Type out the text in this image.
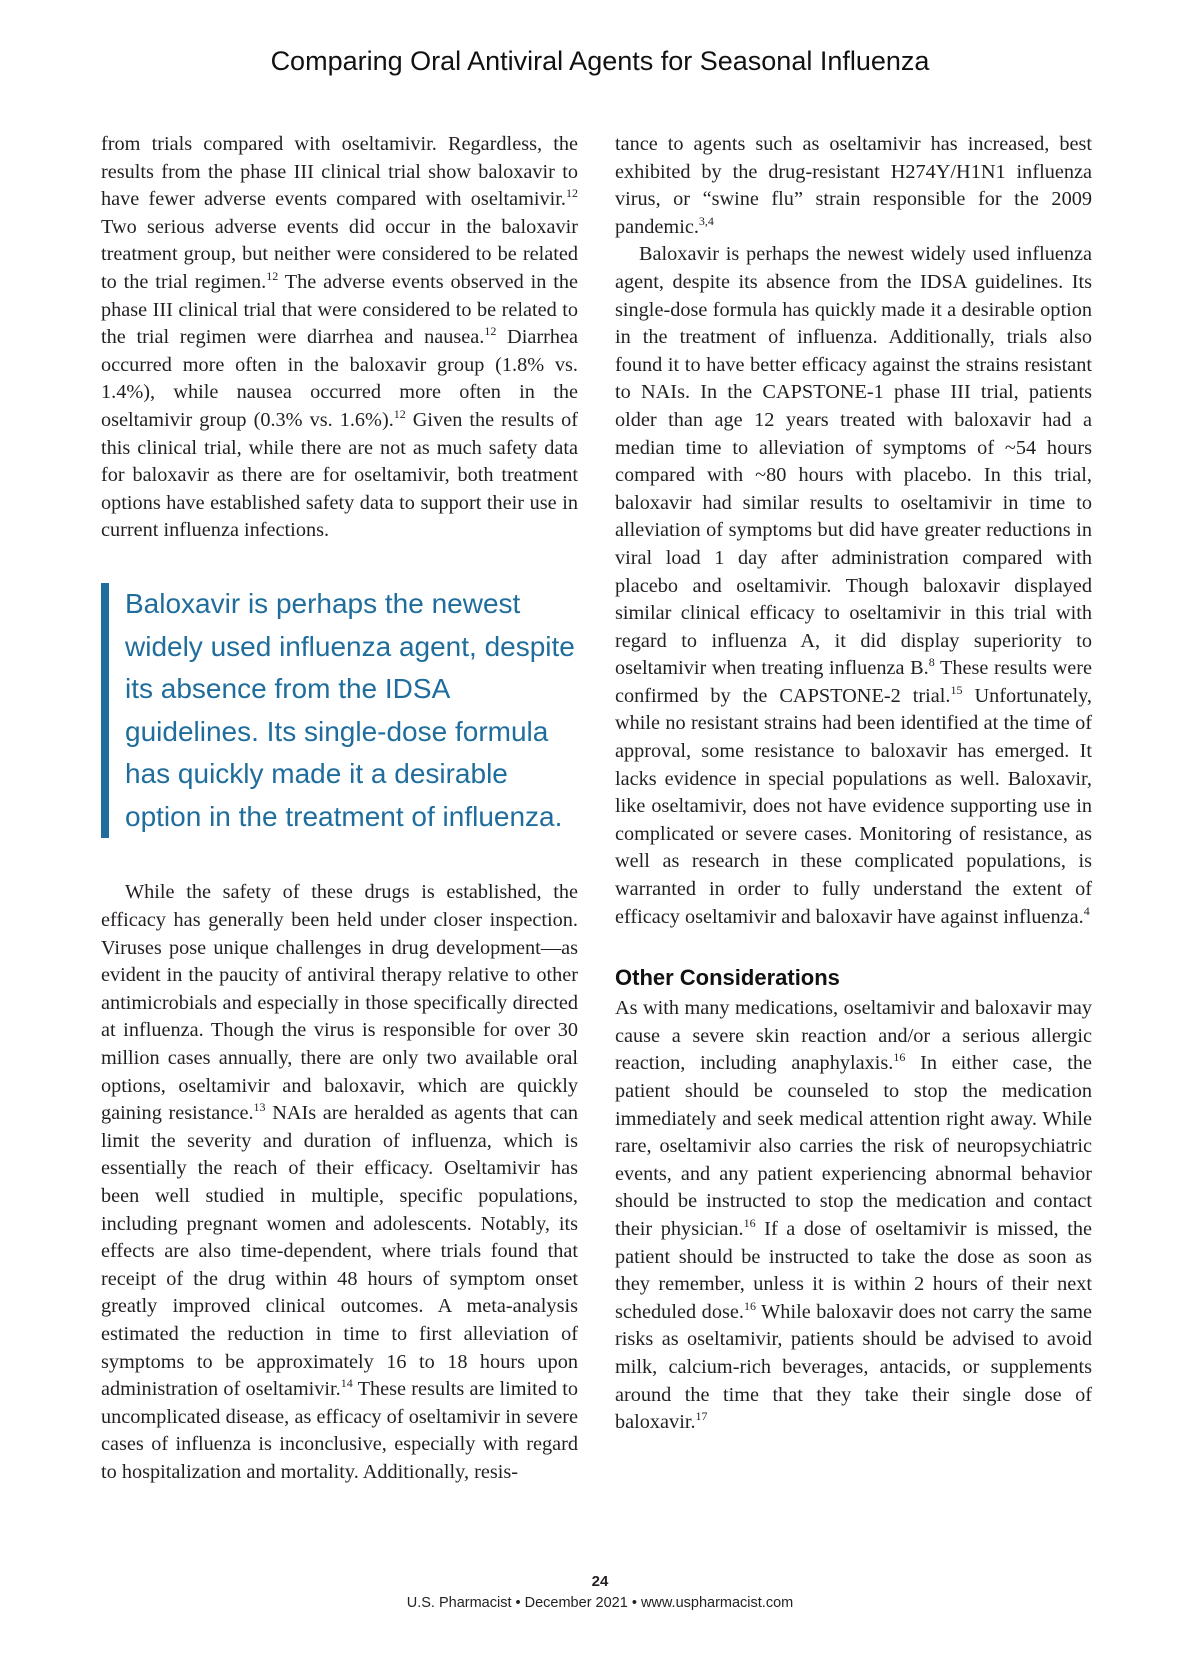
Comparing Oral Antiviral Agents for Seasonal Influenza

from trials compared with oseltamivir. Regardless, the results from the phase III clinical trial show baloxavir to have fewer adverse events compared with oseltamivir.$^{12}$ Two serious adverse events did occur in the baloxavir treatment group, but neither were considered to be related to the trial regimen.$^{12}$ The adverse events observed in the phase III clinical trial that were considered to be related to the trial regimen were diarrhea and nausea.$^{12}$ Diarrhea occurred more often in the baloxavir group (1.8% vs. 1.4%), while nausea occurred more often in the oseltamivir group (0.3% vs. 1.6%).$^{12}$ Given the results of this clinical trial, while there are not as much safety data for baloxavir as there are for oseltamivir, both treatment options have established safety data to support their use in current influenza infections.

Baloxavir is perhaps the newest widely used influenza agent, despite its absence from the IDSA guidelines. Its single-dose formula has quickly made it a desirable option in the treatment of influenza.

While the safety of these drugs is established, the efficacy has generally been held under closer inspection. Viruses pose unique challenges in drug development—as evident in the paucity of antiviral therapy relative to other antimicrobials and especially in those specifically directed at influenza. Though the virus is responsible for over 30 million cases annually, there are only two available oral options, oseltamivir and baloxavir, which are quickly gaining resistance.$^{13}$ NAIs are heralded as agents that can limit the severity and duration of influenza, which is essentially the reach of their efficacy. Oseltamivir has been well studied in multiple, specific populations, including pregnant women and adolescents. Notably, its effects are also time-dependent, where trials found that receipt of the drug within 48 hours of symptom onset greatly improved clinical outcomes. A meta-analysis estimated the reduction in time to first alleviation of symptoms to be approximately 16 to 18 hours upon administration of oseltamivir.$^{14}$ These results are limited to uncomplicated disease, as efficacy of oseltamivir in severe cases of influenza is inconclusive, especially with regard to hospitalization and mortality. Additionally, resis-

tance to agents such as oseltamivir has increased, best exhibited by the drug-resistant H274Y/H1N1 influenza virus, or “swine flu” strain responsible for the 2009 pandemic.$^{3,4}$

Baloxavir is perhaps the newest widely used influenza agent, despite its absence from the IDSA guidelines. Its single-dose formula has quickly made it a desirable option in the treatment of influenza. Additionally, trials also found it to have better efficacy against the strains resistant to NAIs. In the CAPSTONE-1 phase III trial, patients older than age 12 years treated with baloxavir had a median time to alleviation of symptoms of ~54 hours compared with ~80 hours with placebo. In this trial, baloxavir had similar results to oseltamivir in time to alleviation of symptoms but did have greater reductions in viral load 1 day after administration compared with placebo and oseltamivir. Though baloxavir displayed similar clinical efficacy to oseltamivir in this trial with regard to influenza A, it did display superiority to oseltamivir when treating influenza B.$^8$ These results were confirmed by the CAPSTONE-2 trial.$^{15}$ Unfortunately, while no resistant strains had been identified at the time of approval, some resistance to baloxavir has emerged. It lacks evidence in special populations as well. Baloxavir, like oseltamivir, does not have evidence supporting use in complicated or severe cases. Monitoring of resistance, as well as research in these complicated populations, is warranted in order to fully understand the extent of efficacy oseltamivir and baloxavir have against influenza.$^4$

Other Considerations

As with many medications, oseltamivir and baloxavir may cause a severe skin reaction and/or a serious allergic reaction, including anaphylaxis.$^{16}$ In either case, the patient should be counseled to stop the medication immediately and seek medical attention right away. While rare, oseltamivir also carries the risk of neuropsychiatric events, and any patient experiencing abnormal behavior should be instructed to stop the medication and contact their physician.$^{16}$ If a dose of oseltamivir is missed, the patient should be instructed to take the dose as soon as they remember, unless it is within 2 hours of their next scheduled dose.$^{16}$ While baloxavir does not carry the same risks as oseltamivir, patients should be advised to avoid milk, calcium-rich beverages, antacids, or supplements around the time that they take their single dose of baloxavir.$^{17}$

24
U.S. Pharmacist • December 2021 • www.uspharmacist.com
